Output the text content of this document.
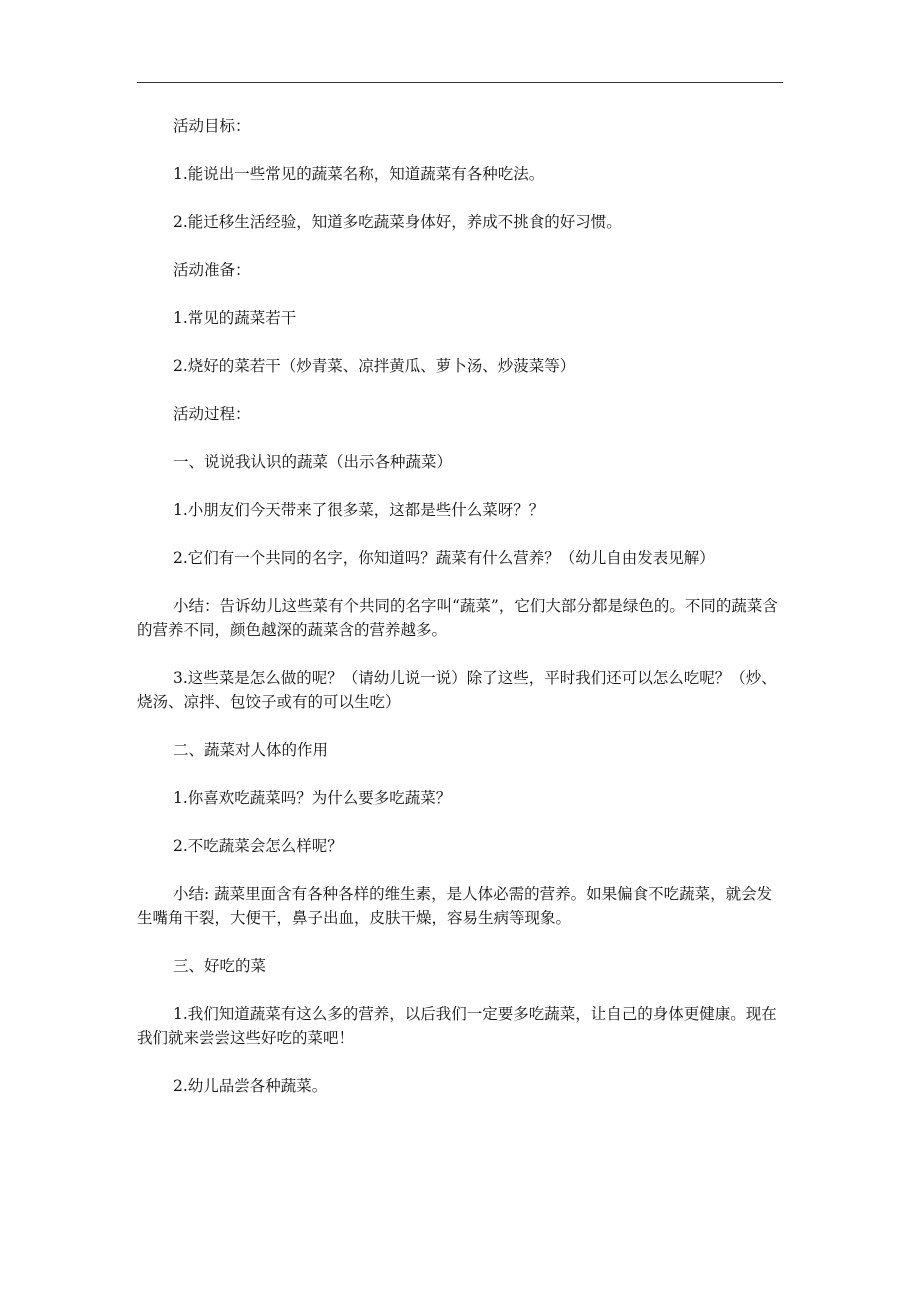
活动目标：

1.能说出一些常见的蔬菜名称，知道蔬菜有各种吃法。

2.能迁移生活经验，知道多吃蔬菜身体好，养成不挑食的好习惯。

活动准备：

1.常见的蔬菜若干

2.烧好的菜若干（炒青菜、凉拌黄瓜、萝卜汤、炒菠菜等）

活动过程：

一、说说我认识的蔬菜（出示各种蔬菜）

1.小朋友们今天带来了很多菜，这都是些什么菜呀？？

2.它们有一个共同的名字，你知道吗？蔬菜有什么营养？（幼儿自由发表见解）

小结：告诉幼儿这些菜有个共同的名字叫“蔬菜”，它们大部分都是绿色的。不同的蔬菜含的营养不同，颜色越深的蔬菜含的营养越多。

3.这些菜是怎么做的呢？（请幼儿说一说）除了这些，平时我们还可以怎么吃呢？（炒、烧汤、凉拌、包饺子或有的可以生吃）

二、蔬菜对人体的作用

1.你喜欢吃蔬菜吗？为什么要多吃蔬菜？

2.不吃蔬菜会怎么样呢？

小结: 蔬菜里面含有各种各样的维生素，是人体必需的营养。如果偏食不吃蔬菜，就会发生嘴角干裂，大便干，鼻子出血，皮肤干燥，容易生病等现象。

三、好吃的菜

1.我们知道蔬菜有这么多的营养，以后我们一定要多吃蔬菜，让自己的身体更健康。现在我们就来尝尝这些好吃的菜吧！

2.幼儿品尝各种蔬菜。
